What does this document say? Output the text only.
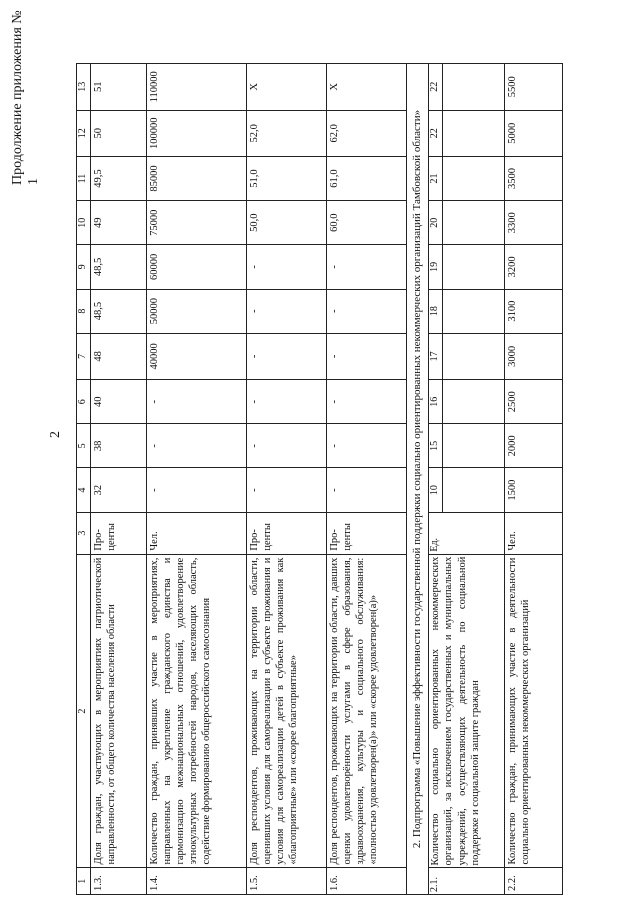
Продолжение приложения № 1
2
1	2	3	4	5	6	7	8	9	10	11	12	13
1.3.	Доля граждан, участвующих в мероприятиях патриотической направленности, от общего количества населения области	Про-центы	32	38	40	48	48,5	48,5	49	49,5	50	51
1.4.	Количество граждан, принявших участие в мероприятиях, направленных на укрепление гражданского единства и гармонизацию межнациональных отношений, удовлетворение этнокультурных потребностей народов, населяющих область, содействие формированию общероссийского самосознания	Чел.	-	-	-	40000	50000	60000	75000	85000	100000	110000
1.5.	Доля респондентов, проживающих на территории области, оценивших условия для самореализации в субъекте проживания и условия для самореализации детей в субъекте проживания как «благоприятные» или «скорее благоприятные»	Про-центы	-	-	-	-	-	-	50,0	51,0	52,0	Х
1.6.	Доля респондентов, проживающих на территории области, давших оценки удовлетворённости услугами в сфере образования, здравоохранения, культуры и социального обслуживания: «полностью удовлетворен(а)» или «скорее удовлетворен(а)»	Про-центы	-	-	-	-	-	-	60,0	61,0	62,0	Х
2. Подпрограмма «Повышение эффективности государственной поддержки социально ориентированных некоммерческих организаций Тамбовской области»												
2.1.	Количество социально ориентированных некоммерческих организаций, за исключением государственных и муниципальных учреждений, осуществляющих деятельность по социальной поддержке и социальной защите граждан	Ед.	10	15	16	17	18	19	20	21	22	22

2.2.	Количество граждан, принимающих участие в деятельности социально ориентированных некоммерческих организаций	Чел.	1500	2000	2500	3000	3100	3200	3300	3500	5000	5500
